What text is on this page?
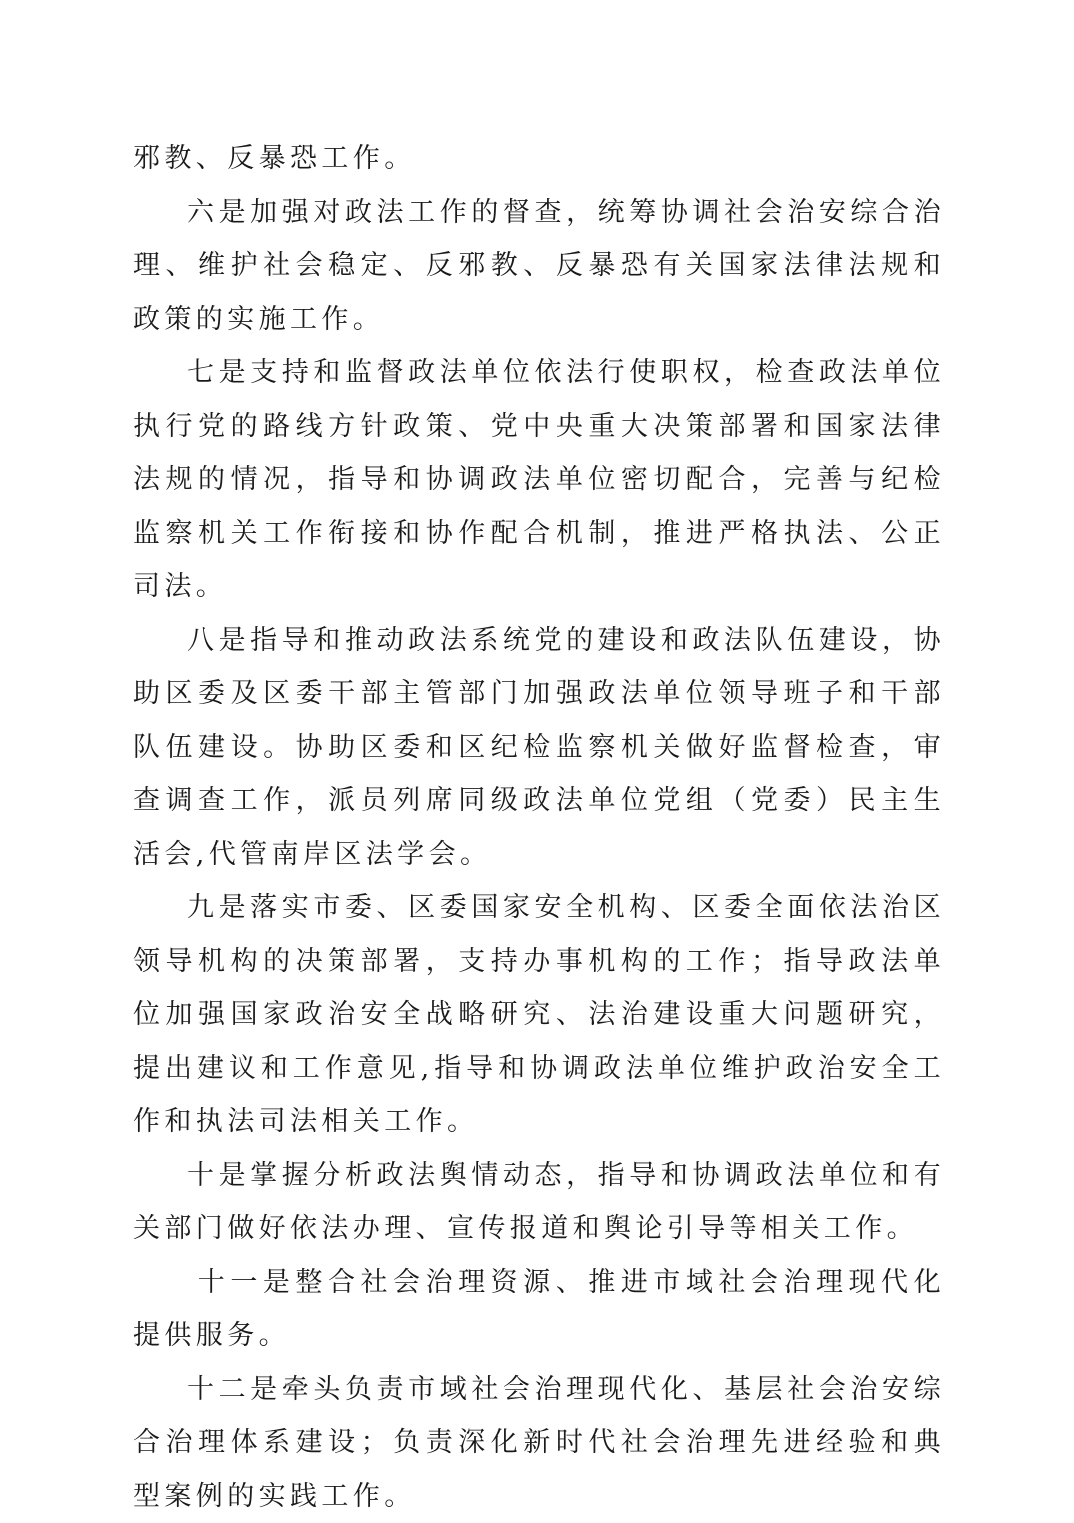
邪教、反暴恐工作。

六是加强对政法工作的督查，统筹协调社会治安综合治理、维护社会稳定、反邪教、反暴恐有关国家法律法规和政策的实施工作。

七是支持和监督政法单位依法行使职权，检查政法单位执行党的路线方针政策、党中央重大决策部署和国家法律法规的情况，指导和协调政法单位密切配合，完善与纪检监察机关工作衔接和协作配合机制，推进严格执法、公正司法。

八是指导和推动政法系统党的建设和政法队伍建设，协助区委及区委干部主管部门加强政法单位领导班子和干部队伍建设。协助区委和区纪检监察机关做好监督检查，审查调查工作，派员列席同级政法单位党组（党委）民主生活会,代管南岸区法学会。

九是落实市委、区委国家安全机构、区委全面依法治区领导机构的决策部署，支持办事机构的工作；指导政法单位加强国家政治安全战略研究、法治建设重大问题研究，提出建议和工作意见,指导和协调政法单位维护政治安全工作和执法司法相关工作。

十是掌握分析政法舆情动态，指导和协调政法单位和有关部门做好依法办理、宣传报道和舆论引导等相关工作。

十一是整合社会治理资源、推进市域社会治理现代化提供服务。

十二是牵头负责市域社会治理现代化、基层社会治安综合治理体系建设；负责深化新时代社会治理先进经验和典型案例的实践工作。
